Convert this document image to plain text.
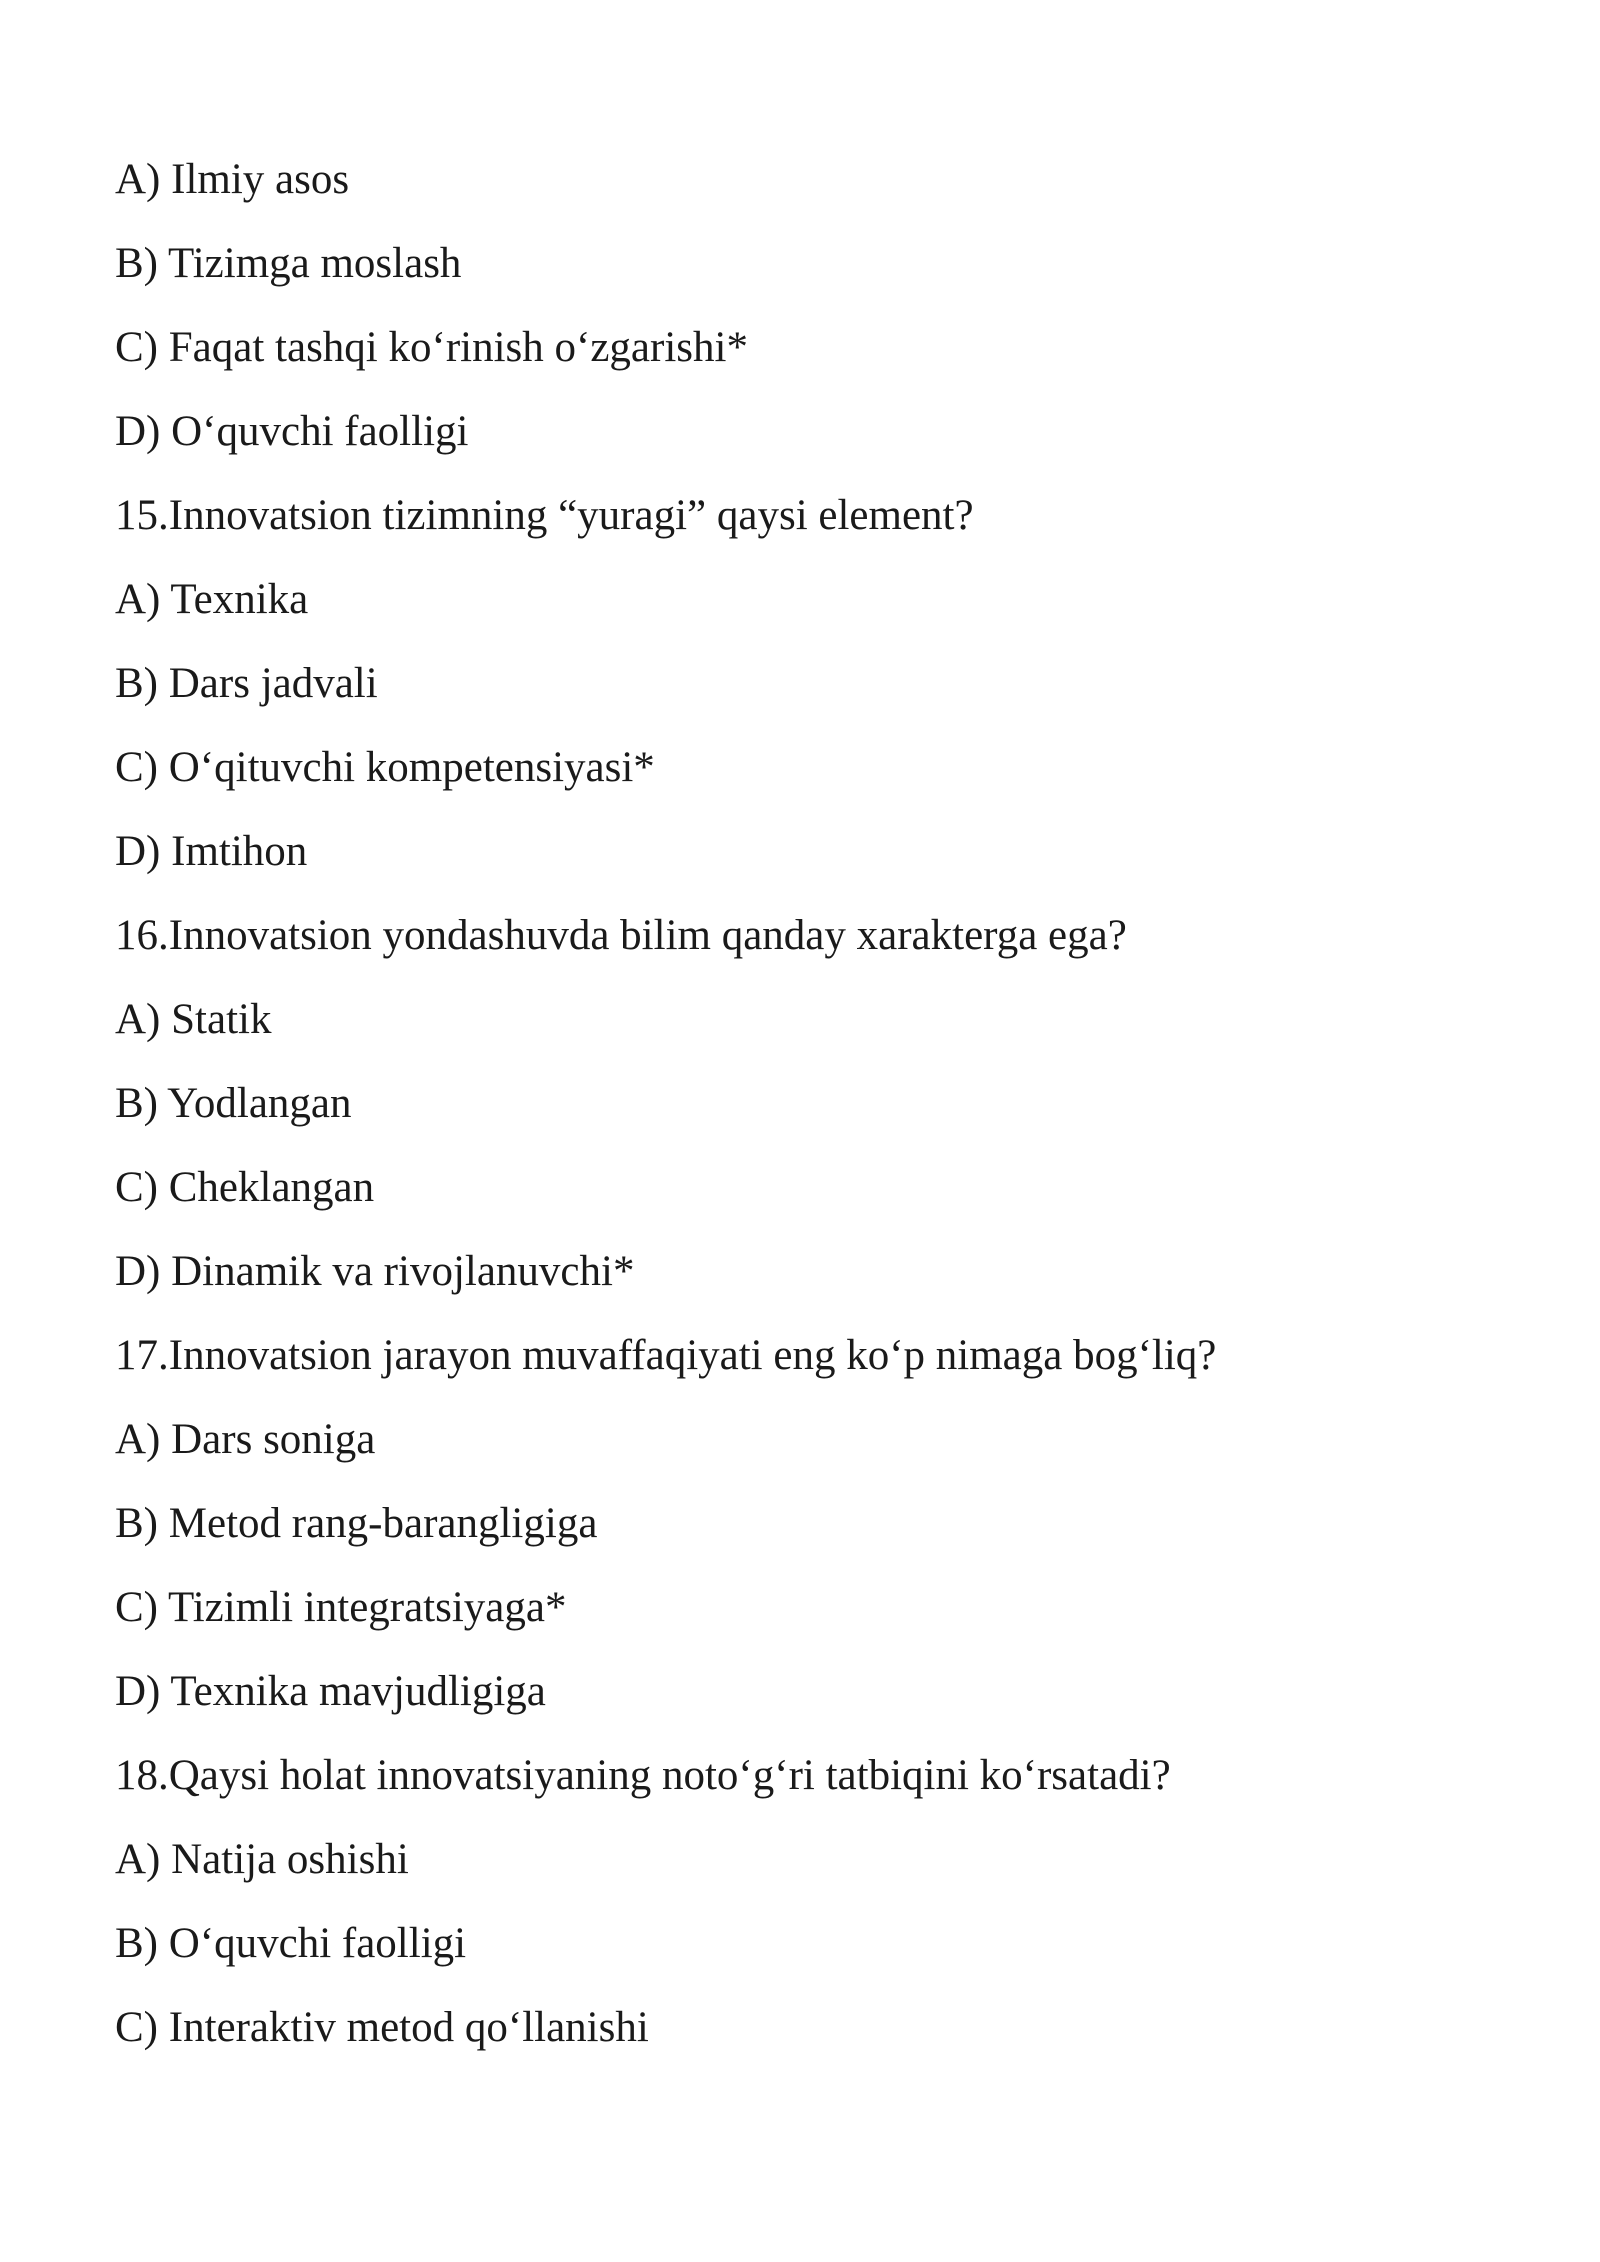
A) Ilmiy asos
B) Tizimga moslash
C) Faqat tashqi ko‘rinish o‘zgarishi*
D) O‘quvchi faolligi
15.Innovatsion tizimning “yuragi” qaysi element?
A) Texnika
B) Dars jadvali
C) O‘qituvchi kompetensiyasi*
D) Imtihon
16.Innovatsion yondashuvda bilim qanday xarakterga ega?
A) Statik
B) Yodlangan
C) Cheklangan
D) Dinamik va rivojlanuvchi*
17.Innovatsion jarayon muvaffaqiyati eng ko‘p nimaga bog‘liq?
A) Dars soniga
B) Metod rang-barangligiga
C) Tizimli integratsiyaga*
D) Texnika mavjudligiga
18.Qaysi holat innovatsiyaning noto‘g‘ri tatbiqini ko‘rsatadi?
A) Natija oshishi
B) O‘quvchi faolligi
C) Interaktiv metod qo‘llanishi
